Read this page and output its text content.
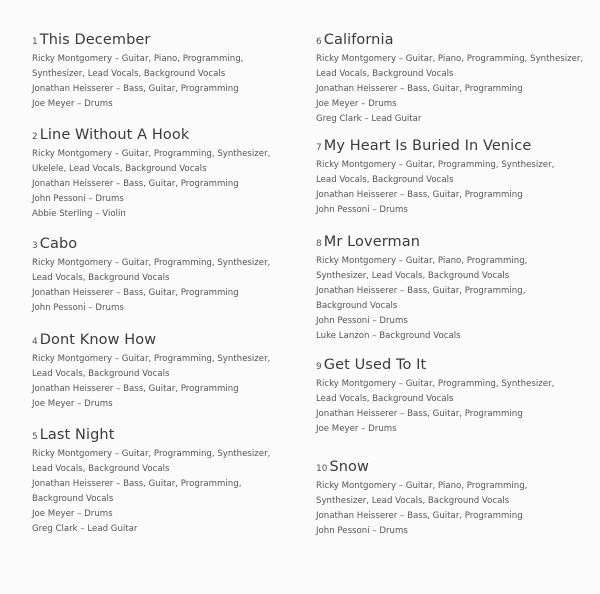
1 This December
Ricky Montgomery – Guitar, Piano, Programming,
Synthesizer, Lead Vocals, Background Vocals
Jonathan Heisserer – Bass, Guitar, Programming
Joe Meyer – Drums
2 Line Without A Hook
Ricky Montgomery – Guitar, Programming, Synthesizer,
Ukelele, Lead Vocals, Background Vocals
Jonathan Heisserer – Bass, Guitar, Programming
John Pessoni – Drums
Abbie Sterling – Violin
3 Cabo
Ricky Montgomery – Guitar, Programming, Synthesizer,
Lead Vocals, Background Vocals
Jonathan Heisserer – Bass, Guitar, Programming
John Pessoni – Drums
4 Dont Know How
Ricky Montgomery – Guitar, Programming, Synthesizer,
Lead Vocals, Background Vocals
Jonathan Heisserer – Bass, Guitar, Programming
Joe Meyer – Drums
5 Last Night
Ricky Montgomery – Guitar, Programming, Synthesizer,
Lead Vocals, Background Vocals
Jonathan Heisserer – Bass, Guitar, Programming,
Background Vocals
Joe Meyer – Drums
Greg Clark – Lead Guitar
6 California
Ricky Montgomery – Guitar, Piano, Programming, Synthesizer,
Lead Vocals, Background Vocals
Jonathan Heisserer – Bass, Guitar, Programming
Joe Meyer – Drums
Greg Clark – Lead Guitar
7 My Heart Is Buried In Venice
Ricky Montgomery – Guitar, Programming, Synthesizer,
Lead Vocals, Background Vocals
Jonathan Heisserer – Bass, Guitar, Programming
John Pessoni – Drums
8 Mr Loverman
Ricky Montgomery – Guitar, Piano, Programming,
Synthesizer, Lead Vocals, Background Vocals
Jonathan Heisserer – Bass, Guitar, Programming,
Background Vocals
John Pessoni – Drums
Luke Lanzon – Background Vocals
9 Get Used To It
Ricky Montgomery – Guitar, Programming, Synthesizer,
Lead Vocals, Background Vocals
Jonathan Heisserer – Bass, Guitar, Programming
Joe Meyer – Drums
10 Snow
Ricky Montgomery – Guitar, Piano, Programming,
Synthesizer, Lead Vocals, Background Vocals
Jonathan Heisserer – Bass, Guitar, Programming
John Pessoni – Drums
